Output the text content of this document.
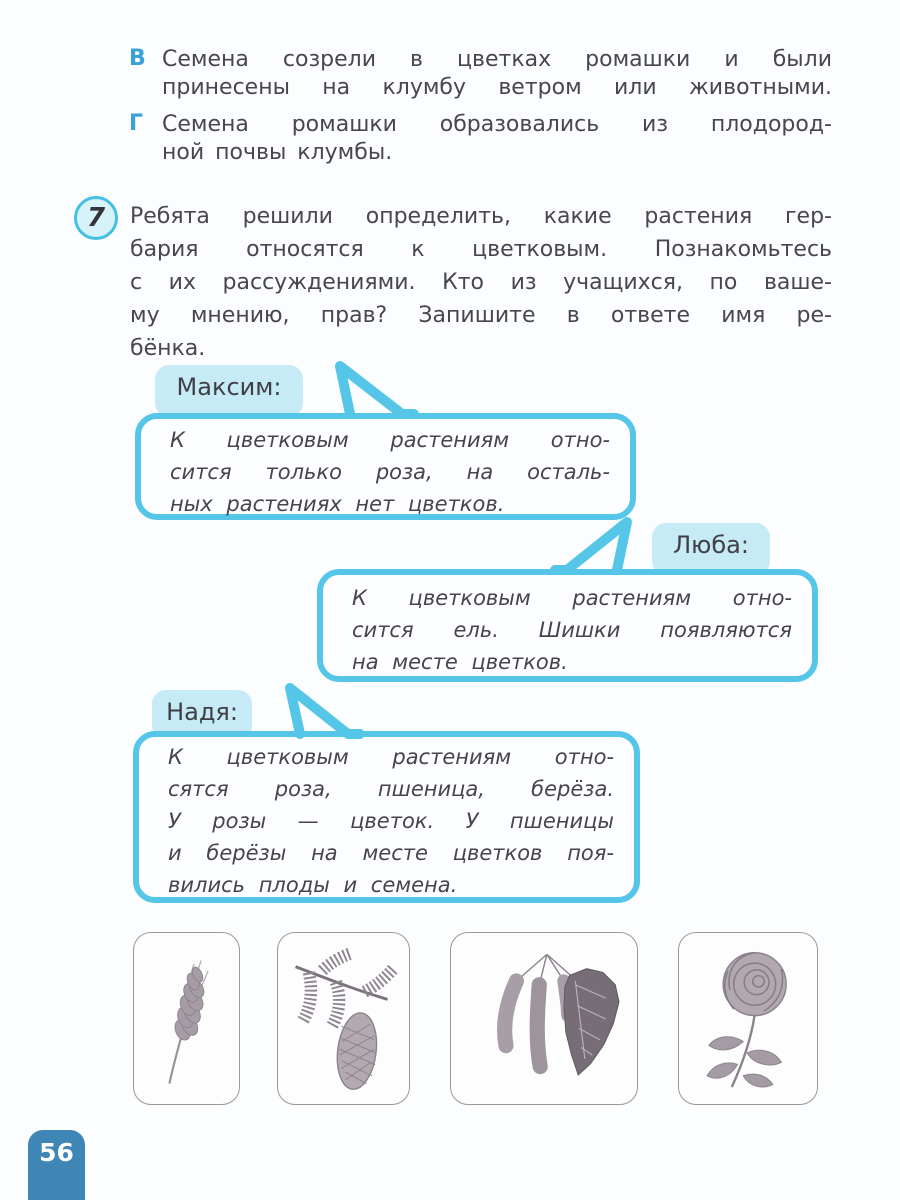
В Семена созрели в цветках ромашки и были
принесены на клумбу ветром или животными.
Г Семена ромашки образовались из плодород-
ной почвы клумбы.
7 Ребята решили определить, какие растения гер-
бария относятся к цветковым. Познакомьтесь
с их рассуждениями. Кто из учащихся, по ваше-
му мнению, прав? Запишите в ответе имя ре-
бёнка.
Максим:
К цветковым растениям отно-
сится только роза, на осталь-
ных растениях нет цветков.
Люба:
К цветковым растениям отно-
сится ель. Шишки появляются
на месте цветков.
Надя:
К цветковым растениям отно-
сятся роза, пшеница, берёза.
У розы — цветок. У пшеницы
и берёзы на месте цветков поя-
вились плоды и семена.
56
